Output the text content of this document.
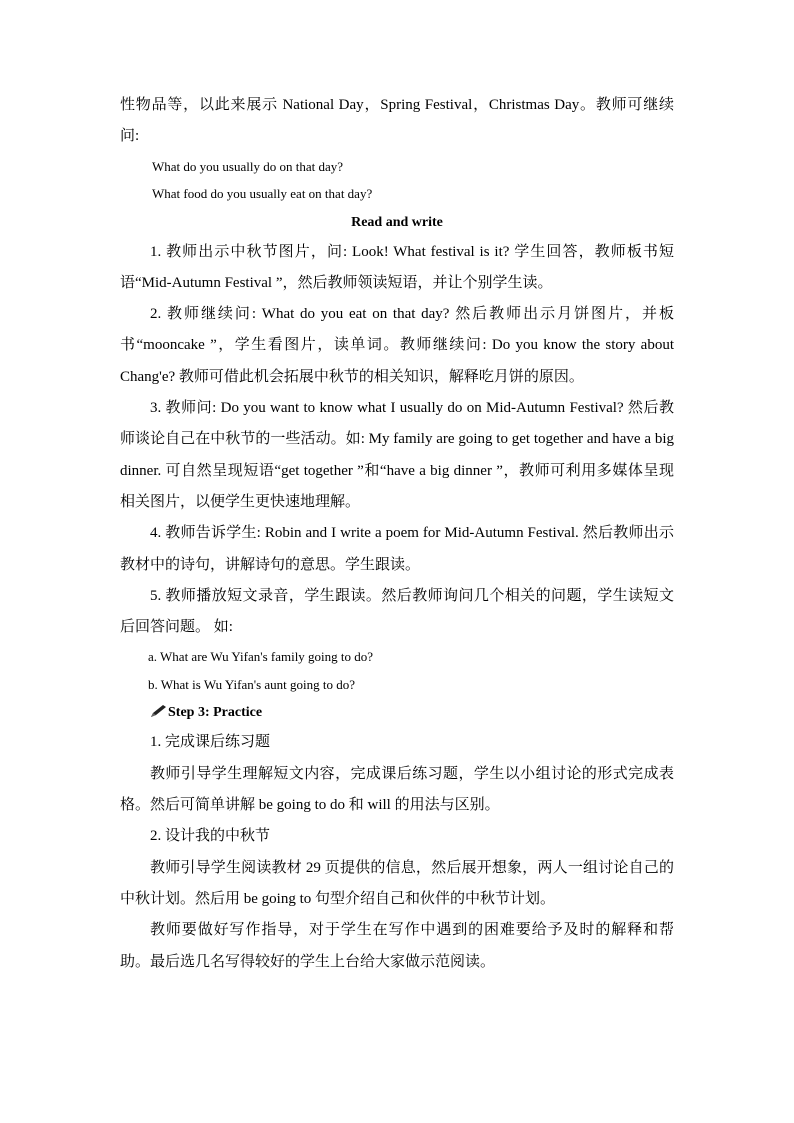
性物品等，以此来展示 National Day，Spring Festival，Christmas Day。教师可继续问:

What do you usually do on that day?

What food do you usually eat on that day?

Read and write

1. 教师出示中秋节图片，问: Look! What festival is it? 学生回答，教师板书短语“Mid-Autumn Festival ”，然后教师领读短语，并让个别学生读。

2. 教师继续问: What do you eat on that day? 然后教师出示月饼图片，并板书“mooncake ”，学生看图片，读单词。教师继续问: Do you know the story about Chang'e? 教师可借此机会拓展中秋节的相关知识，解释吃月饼的原因。

3. 教师问: Do you want to know what I usually do on Mid-Autumn Festival? 然后教师谈论自己在中秋节的一些活动。如: My family are going to get together and have a big dinner. 可自然呈现短语“get together ”和“have a big dinner ”，教师可利用多媒体呈现相关图片，以便学生更快速地理解。

4. 教师告诉学生: Robin and I write a poem for Mid-Autumn Festival. 然后教师出示教材中的诗句，讲解诗句的意思。学生跟读。

5. 教师播放短文录音，学生跟读。然后教师询问几个相关的问题，学生读短文后回答问题。 如:

a. What are Wu Yifan's family going to do?

b. What is Wu Yifan's aunt going to do?

Step 3: Practice

1. 完成课后练习题

教师引导学生理解短文内容，完成课后练习题，学生以小组讨论的形式完成表格。然后可简单讲解 be going to do 和 will 的用法与区别。

2. 设计我的中秋节

教师引导学生阅读教材 29 页提供的信息，然后展开想象，两人一组讨论自己的中秋计划。然后用 be going to 句型介绍自己和伙伴的中秋节计划。

教师要做好写作指导，对于学生在写作中遇到的困难要给予及时的解释和帮助。最后选几名写得较好的学生上台给大家做示范阅读。
